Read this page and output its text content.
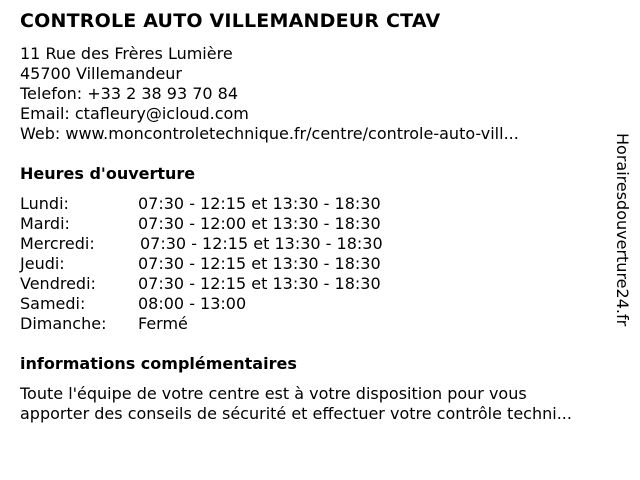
CONTROLE AUTO VILLEMANDEUR CTAV
11 Rue des Frères Lumière
45700 Villemandeur
Telefon: +33 2 38 93 70 84
Email: ctafleury@icloud.com
Web: www.moncontroletechnique.fr/centre/controle-auto-vill...
Heures d'ouverture
Lundi:	07:30 - 12:15 et 13:30 - 18:30
Mardi:	07:30 - 12:00 et 13:30 - 18:30
Mercredi:	07:30 - 12:15 et 13:30 - 18:30
Jeudi:	07:30 - 12:15 et 13:30 - 18:30
Vendredi:	07:30 - 12:15 et 13:30 - 18:30
Samedi:	08:00 - 13:00
Dimanche: Fermé
informations complémentaires
Toute l'équipe de votre centre est à votre disposition pour vous
apporter des conseils de sécurité et effectuer votre contrôle techni...
Horairesdouverture24.fr
